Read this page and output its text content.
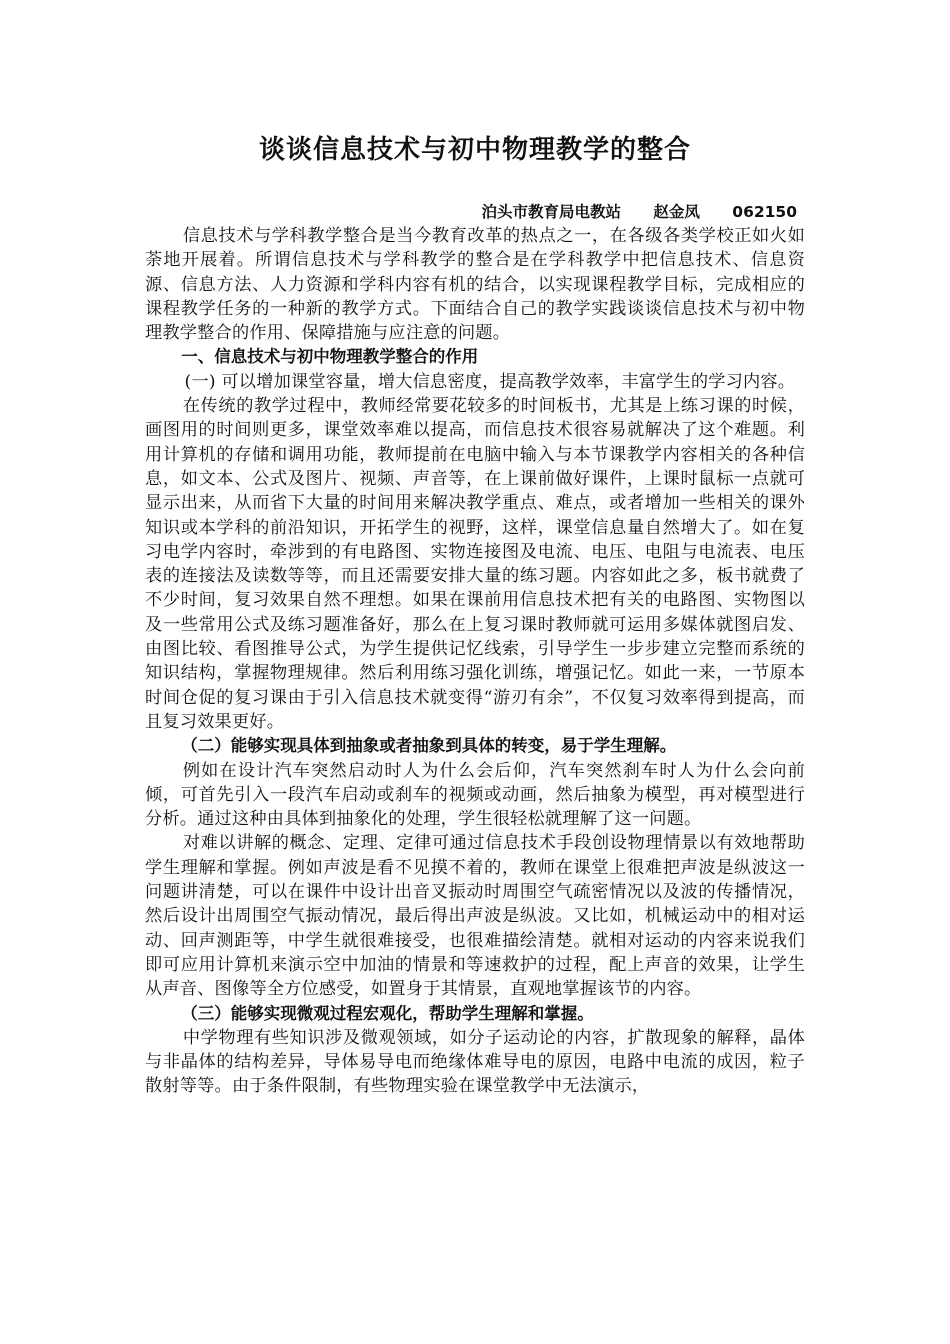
谈谈信息技术与初中物理教学的整合
泊头市教育局电教站      赵金凤      062150

信息技术与学科教学整合是当今教育改革的热点之一，在各级各类学校正如火如荼地开展着。所谓信息技术与学科教学的整合是在学科教学中把信息技术、信息资源、信息方法、人力资源和学科内容有机的结合，以实现课程教学目标，完成相应的课程教学任务的一种新的教学方式。下面结合自己的教学实践谈谈信息技术与初中物理教学整合的作用、保障措施与应注意的问题。

一、信息技术与初中物理教学整合的作用

(一) 可以增加课堂容量，增大信息密度，提高教学效率，丰富学生的学习内容。

在传统的教学过程中，教师经常要花较多的时间板书，尤其是上练习课的时候，画图用的时间则更多，课堂效率难以提高，而信息技术很容易就解决了这个难题。利用计算机的存储和调用功能，教师提前在电脑中输入与本节课教学内容相关的各种信息，如文本、公式及图片、视频、声音等，在上课前做好课件，上课时鼠标一点就可显示出来，从而省下大量的时间用来解决教学重点、难点，或者增加一些相关的课外知识或本学科的前沿知识，开拓学生的视野，这样，课堂信息量自然增大了。如在复习电学内容时，牵涉到的有电路图、实物连接图及电流、电压、电阻与电流表、电压表的连接法及读数等等，而且还需要安排大量的练习题。内容如此之多，板书就费了不少时间，复习效果自然不理想。如果在课前用信息技术把有关的电路图、实物图以及一些常用公式及练习题准备好，那么在上复习课时教师就可运用多媒体就图启发、由图比较、看图推导公式，为学生提供记忆线索，引导学生一步步建立完整而系统的知识结构，掌握物理规律。然后利用练习强化训练，增强记忆。如此一来，一节原本时间仓促的复习课由于引入信息技术就变得“游刃有余”，不仅复习效率得到提高，而且复习效果更好。

（二）能够实现具体到抽象或者抽象到具体的转变，易于学生理解。

例如在设计汽车突然启动时人为什么会后仰，汽车突然刹车时人为什么会向前倾，可首先引入一段汽车启动或刹车的视频或动画，然后抽象为模型，再对模型进行分析。通过这种由具体到抽象化的处理，学生很轻松就理解了这一问题。

对难以讲解的概念、定理、定律可通过信息技术手段创设物理情景以有效地帮助学生理解和掌握。例如声波是看不见摸不着的，教师在课堂上很难把声波是纵波这一问题讲清楚，可以在课件中设计出音叉振动时周围空气疏密情况以及波的传播情况，然后设计出周围空气振动情况，最后得出声波是纵波。又比如，机械运动中的相对运动、回声测距等，中学生就很难接受，也很难描绘清楚。就相对运动的内容来说我们即可应用计算机来演示空中加油的情景和等速救护的过程，配上声音的效果，让学生从声音、图像等全方位感受，如置身于其情景，直观地掌握该节的内容。

（三）能够实现微观过程宏观化，帮助学生理解和掌握。

中学物理有些知识涉及微观领域，如分子运动论的内容，扩散现象的解释，晶体与非晶体的结构差异，导体易导电而绝缘体难导电的原因，电路中电流的成因，粒子散射等等。由于条件限制，有些物理实验在课堂教学中无法演示，
